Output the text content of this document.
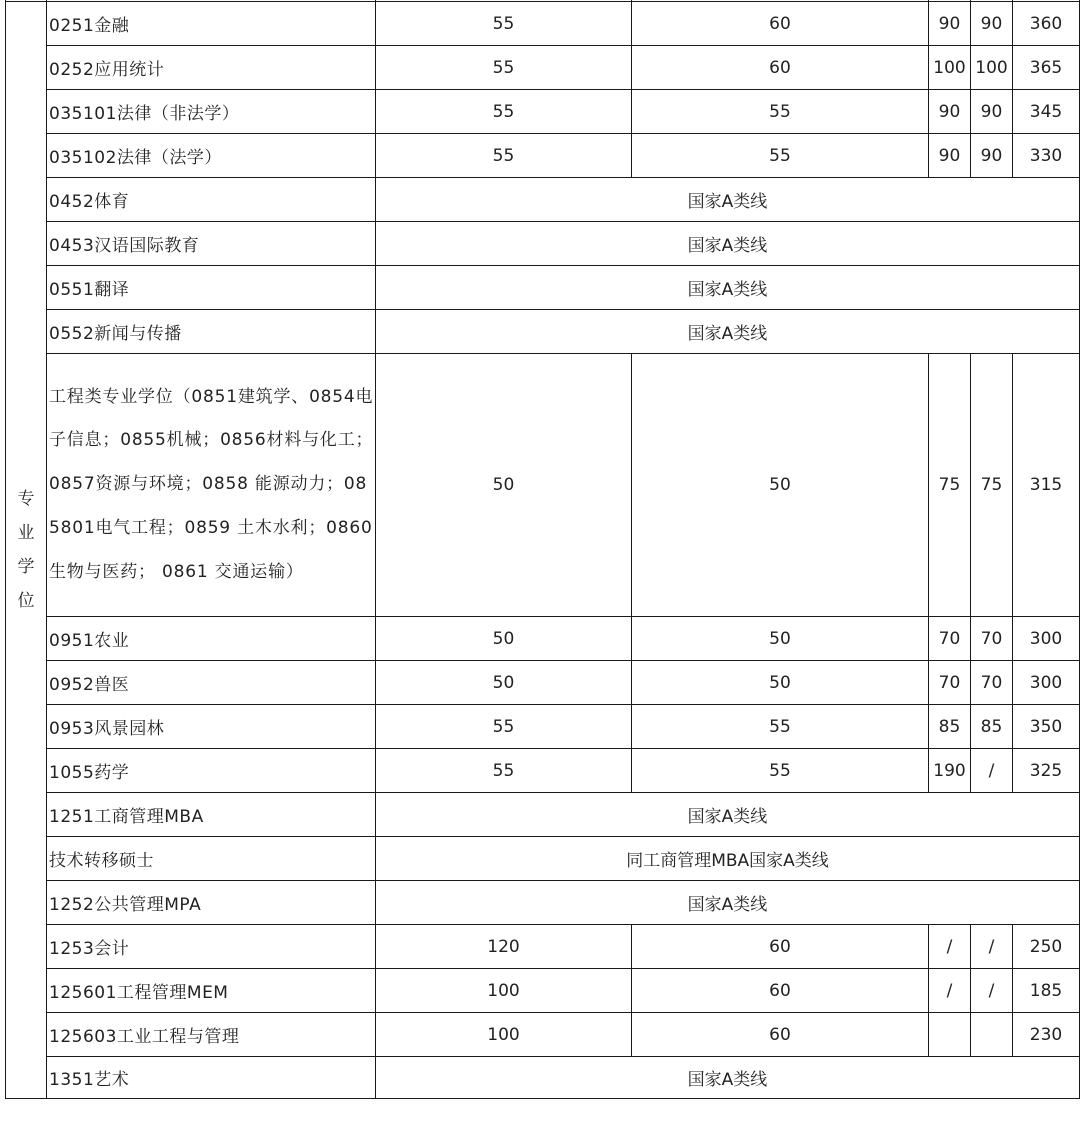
专
业
学
位	0251金融	55	60	90	90	360
	0252应用统计	55	60	100	100	365
	035101法律（非法学）	55	55	90	90	345
	035102法律（法学）	55	55	90	90	330
	0452体育	国家A类线				
	0453汉语国际教育	国家A类线				
	0551翻译	国家A类线				
	0552新闻与传播	国家A类线				
	工程类专业学位（0851建筑学、0854电子信息；0855机械；0856材料与化工；0857资源与环境；0858 能源动力；085801电气工程；0859 土木水利；0860 生物与医药； 0861 交通运输）	50	50	75	75	315
	0951农业	50	50	70	70	300
	0952兽医	50	50	70	70	300
	0953风景园林	55	55	85	85	350
	1055药学	55	55	190	/	325
	1251工商管理MBA	国家A类线				
	技术转移硕士	同工商管理MBA国家A类线				
	1252公共管理MPA	国家A类线				
	1253会计	120	60	/	/	250
	125601工程管理MEM	100	60	/	/	185
	125603工业工程与管理	100	60			230
	1351艺术	国家A类线				
